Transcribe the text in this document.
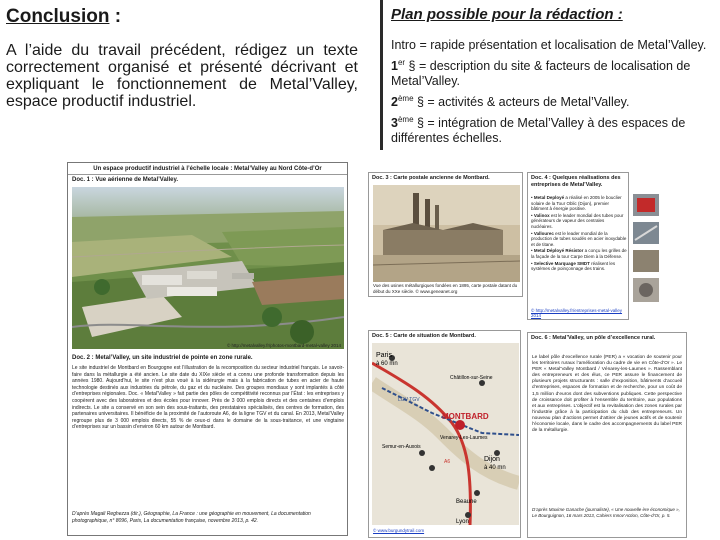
Conclusion :

A l’aide du travail précédent, rédigez un texte correctement organisé et présenté décrivant et expliquant le fonctionnement de Metal’Valley, espace productif industriel.

Plan possible pour la rédaction :
Intro = rapide présentation et localisation de Metal’Valley.
1er § = description du site & facteurs de localisation de Metal’Valley.
2ème § = activités & acteurs de Metal’Valley.
3ème § = intégration de Metal’Valley à des espaces de différentes échelles.
Un espace productif industriel à l’échelle locale : Metal’Valley au Nord Côte-d’Or
Doc. 1 : Vue aérienne de Metal’Valley.
© http://metalvalley.fr/photos-montbard-metal-valley 2014
Doc. 2 : Metal’Valley, un site industriel de pointe en zone rurale.
Le site industriel de Montbard en Bourgogne est l’illustration de la recomposition du secteur industriel français. Le savoir-faire dans la métallurgie a été ancien. Le site date du XIXe siècle et a connu une profonde transformation depuis les années 1980. Aujourd’hui, le site n’est plus voué à la sidérurgie mais à la fabrication de tubes en acier de haute technologie destinés aux industries du pétrole, du gaz et du nucléaire. Des groupes mondiaux y sont implantés à côté d’entreprises régionales. Doc. « Metal’Valley » fait partie des pôles de compétitivité reconnus par l’État : les entreprises y coopèrent avec des laboratoires et des écoles pour innover. Près de 3 000 emplois directs et des centaines d’emplois indirects. Le site a conservé en son sein des sous-traitants, des prestataires spécialisés, des centres de formation, des partenaires universitaires. Il bénéficie de la proximité de l’autoroute A6, de la ligne TGV et du canal. En 2013, Metal’Valley regroupe plus de 3 000 emplois directs, 55 % de ceux-ci dans le domaine de la sous-traitance, et une vingtaine d’entreprises sur un bassin d’environ 60 km autour de Montbard.
D’après Magali Reghezza (dir.), Géographie, La France : une géographie en mouvement, La documentation photographique, n° 8096, Paris, La documentation française, novembre 2013, p. 42.
Doc. 3 : Carte postale ancienne de Montbard.
Vue des usines métallurgiques fondées en 1895, carte postale datant du début du XXe siècle. © www.geneanet.org
Doc. 4 : Quelques réalisations des entreprises de Metal’Valley.
• Metal Deployé a réalisé en 2005 le bouclier solaire de la Tour Oblic (Dijon), premier bâtiment à énergie positive.
• Valinox est le leader mondial des tubes pour générateurs de vapeur des centrales nucléaires.
• Vallourec est le leader mondial de la production de tubes soudés en acier inoxydable et de titane.
• Metal Déployé Résistor a conçu les grilles de la façade de la tour Carpe Diem à la Défense.
• Selective Marquage SMDT réalisent les systèmes de poinçonnage des trains.
© http://metalvalley.fr/entreprises-metal-valley 2014
Doc. 5 : Carte de situation de Montbard.
Paris
à 60 mn
MONTBARD
Dijon
à 40 mn
Semur-en-Auxois
Venarey-Les-Laumes
Châtillon-sur-Seine
Beaune
Lyon
LGV TGV
A6
© www.burgundytrail.com
Doc. 6 : Metal’Valley, un pôle d’excellence rural.
Le label pôle d’excellence rurale (PER) a « vocation de soutenir pour les territoires ruraux l’amélioration du cadre de vie en Côte-d’Or ». Le PER « Metal’Valley Montbard / Vénarey-les-Laumes ». Rassemblant des entrepreneurs et des élus, ce PER assure le financement de plusieurs projets structurants : salle d’exposition, bâtiments d’accueil d’entreprises, espaces de formation et de recherche, pour un coût de 1,5 million d’euros dont des subventions publiques. Cette perspective de croissance doit profiter à l’ensemble du territoire, aux populations et aux entreprises. L’objectif est la revitalisation des zones rurales par l’industrie grâce à la participation du club des entrepreneurs. Un nouveau plan d’actions permet d’attirer de jeunes actifs et de soutenir l’économie locale, dans le cadre des accompagnements du label PER de la métallurgie.
D’après Maxime Ganache (journaliste), « Une nouvelle ère économique », Le Bourguignon, 16 mars 2013, Cahiers Innov’Action, Côte-d’Or, p. 5.
